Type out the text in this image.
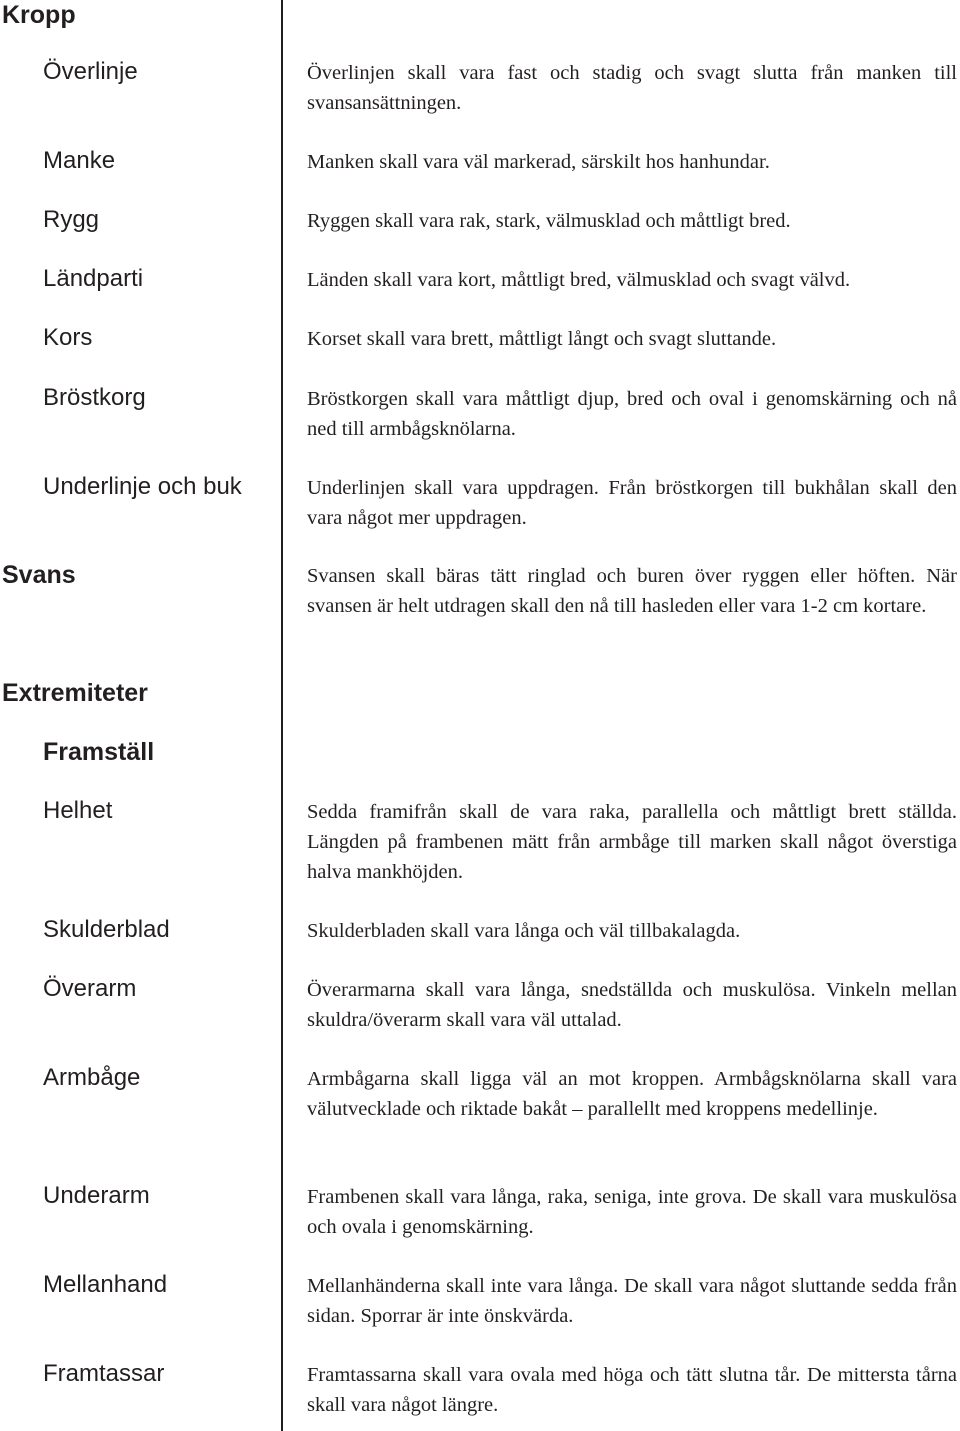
Kropp
Överlinje	Överlinjen skall vara fast och stadig och svagt slutta från manken till svansansättningen.
Manke	Manken skall vara väl markerad, särskilt hos hanhundar.
Rygg	Ryggen skall vara rak, stark, välmusklad och måttligt bred.
Ländparti	Länden skall vara kort, måttligt bred, välmusklad och svagt välvd.
Kors	Korset skall vara brett, måttligt långt och svagt sluttande.
Bröstkorg	Bröstkorgen skall vara måttligt djup, bred och oval i genomskärning och nå ned till armbågsknölarna.
Underlinje och buk	Underlinjen skall vara uppdragen. Från bröstkorgen till bukhålan skall den vara något mer uppdragen.
Svans	Svansen skall bäras tätt ringlad och buren över ryggen eller höften. När svansen är helt utdragen skall den nå till hasleden eller vara 1-2 cm kortare.
Extremiteter
Framställ
Helhet	Sedda framifrån skall de vara raka, parallella och måttligt brett ställda. Längden på frambenen mätt från armbåge till marken skall något överstiga halva mankhöjden.
Skulderblad	Skulderbladen skall vara långa och väl tillbakalagda.
Överarm	Överarmarna skall vara långa, snedställda och muskulösa. Vinkeln mellan skuldra/överarm skall vara väl uttalad.
Armbåge	Armbågarna skall ligga väl an mot kroppen. Armbågsknölarna skall vara välutvecklade och riktade bakåt – parallellt med kroppens medellinje.
Underarm	Frambenen skall vara långa, raka, seniga, inte grova. De skall vara muskulösa och ovala i genomskärning.
Mellanhand	Mellanhänderna skall inte vara långa. De skall vara något sluttande sedda från sidan. Sporrar är inte önskvärda.
Framtassar	Framtassarna skall vara ovala med höga och tätt slutna tår. De mittersta tårna skall vara något längre.
